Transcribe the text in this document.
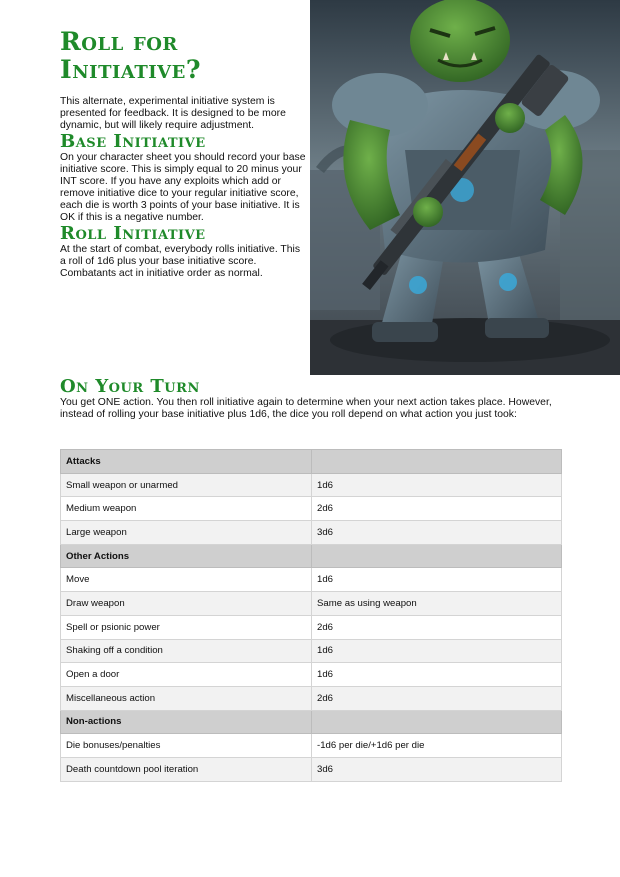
Roll for Initiative?

This alternate, experimental initiative system is presented for feedback. It is designed to be more dynamic, but will likely require adjustment.

Base Initiative

On your character sheet you should record your base initiative score. This is simply equal to 20 minus your INT score. If you have any exploits which add or remove initiative dice to your regular initiative score, each die is worth 3 points of your base initiative. It is OK if this is a negative number.

Roll Initiative

At the start of combat, everybody rolls initiative. This a roll of 1d6 plus your base initiative score. Combatants act in initiative order as normal.

On Your Turn

You get ONE action. You then roll initiative again to determine when your next action takes place. However, instead of rolling your base initiative plus 1d6, the dice you roll depend on what action you just took:

Attacks	
Small weapon or unarmed	1d6
Medium weapon	2d6
Large weapon	3d6
Other Actions	
Move	1d6
Draw weapon	Same as using weapon
Spell or psionic power	2d6
Shaking off a condition	1d6
Open a door	1d6
Miscellaneous action	2d6
Non-actions	
Die bonuses/penalties	-1d6 per die/+1d6 per die
Death countdown pool iteration	3d6
